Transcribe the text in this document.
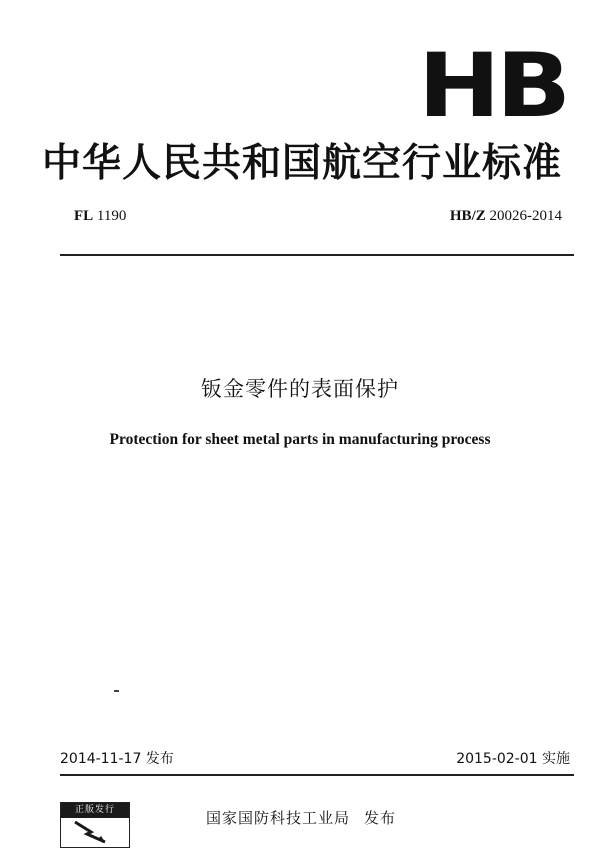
HB
中华人民共和国航空行业标准
FL 1190	HB/Z 20026-2014
钣金零件的表面保护
Protection for sheet metal parts in manufacturing process
2014-11-17 发布	2015-02-01 实施
正版发行	国家国防科技工业局 发布
